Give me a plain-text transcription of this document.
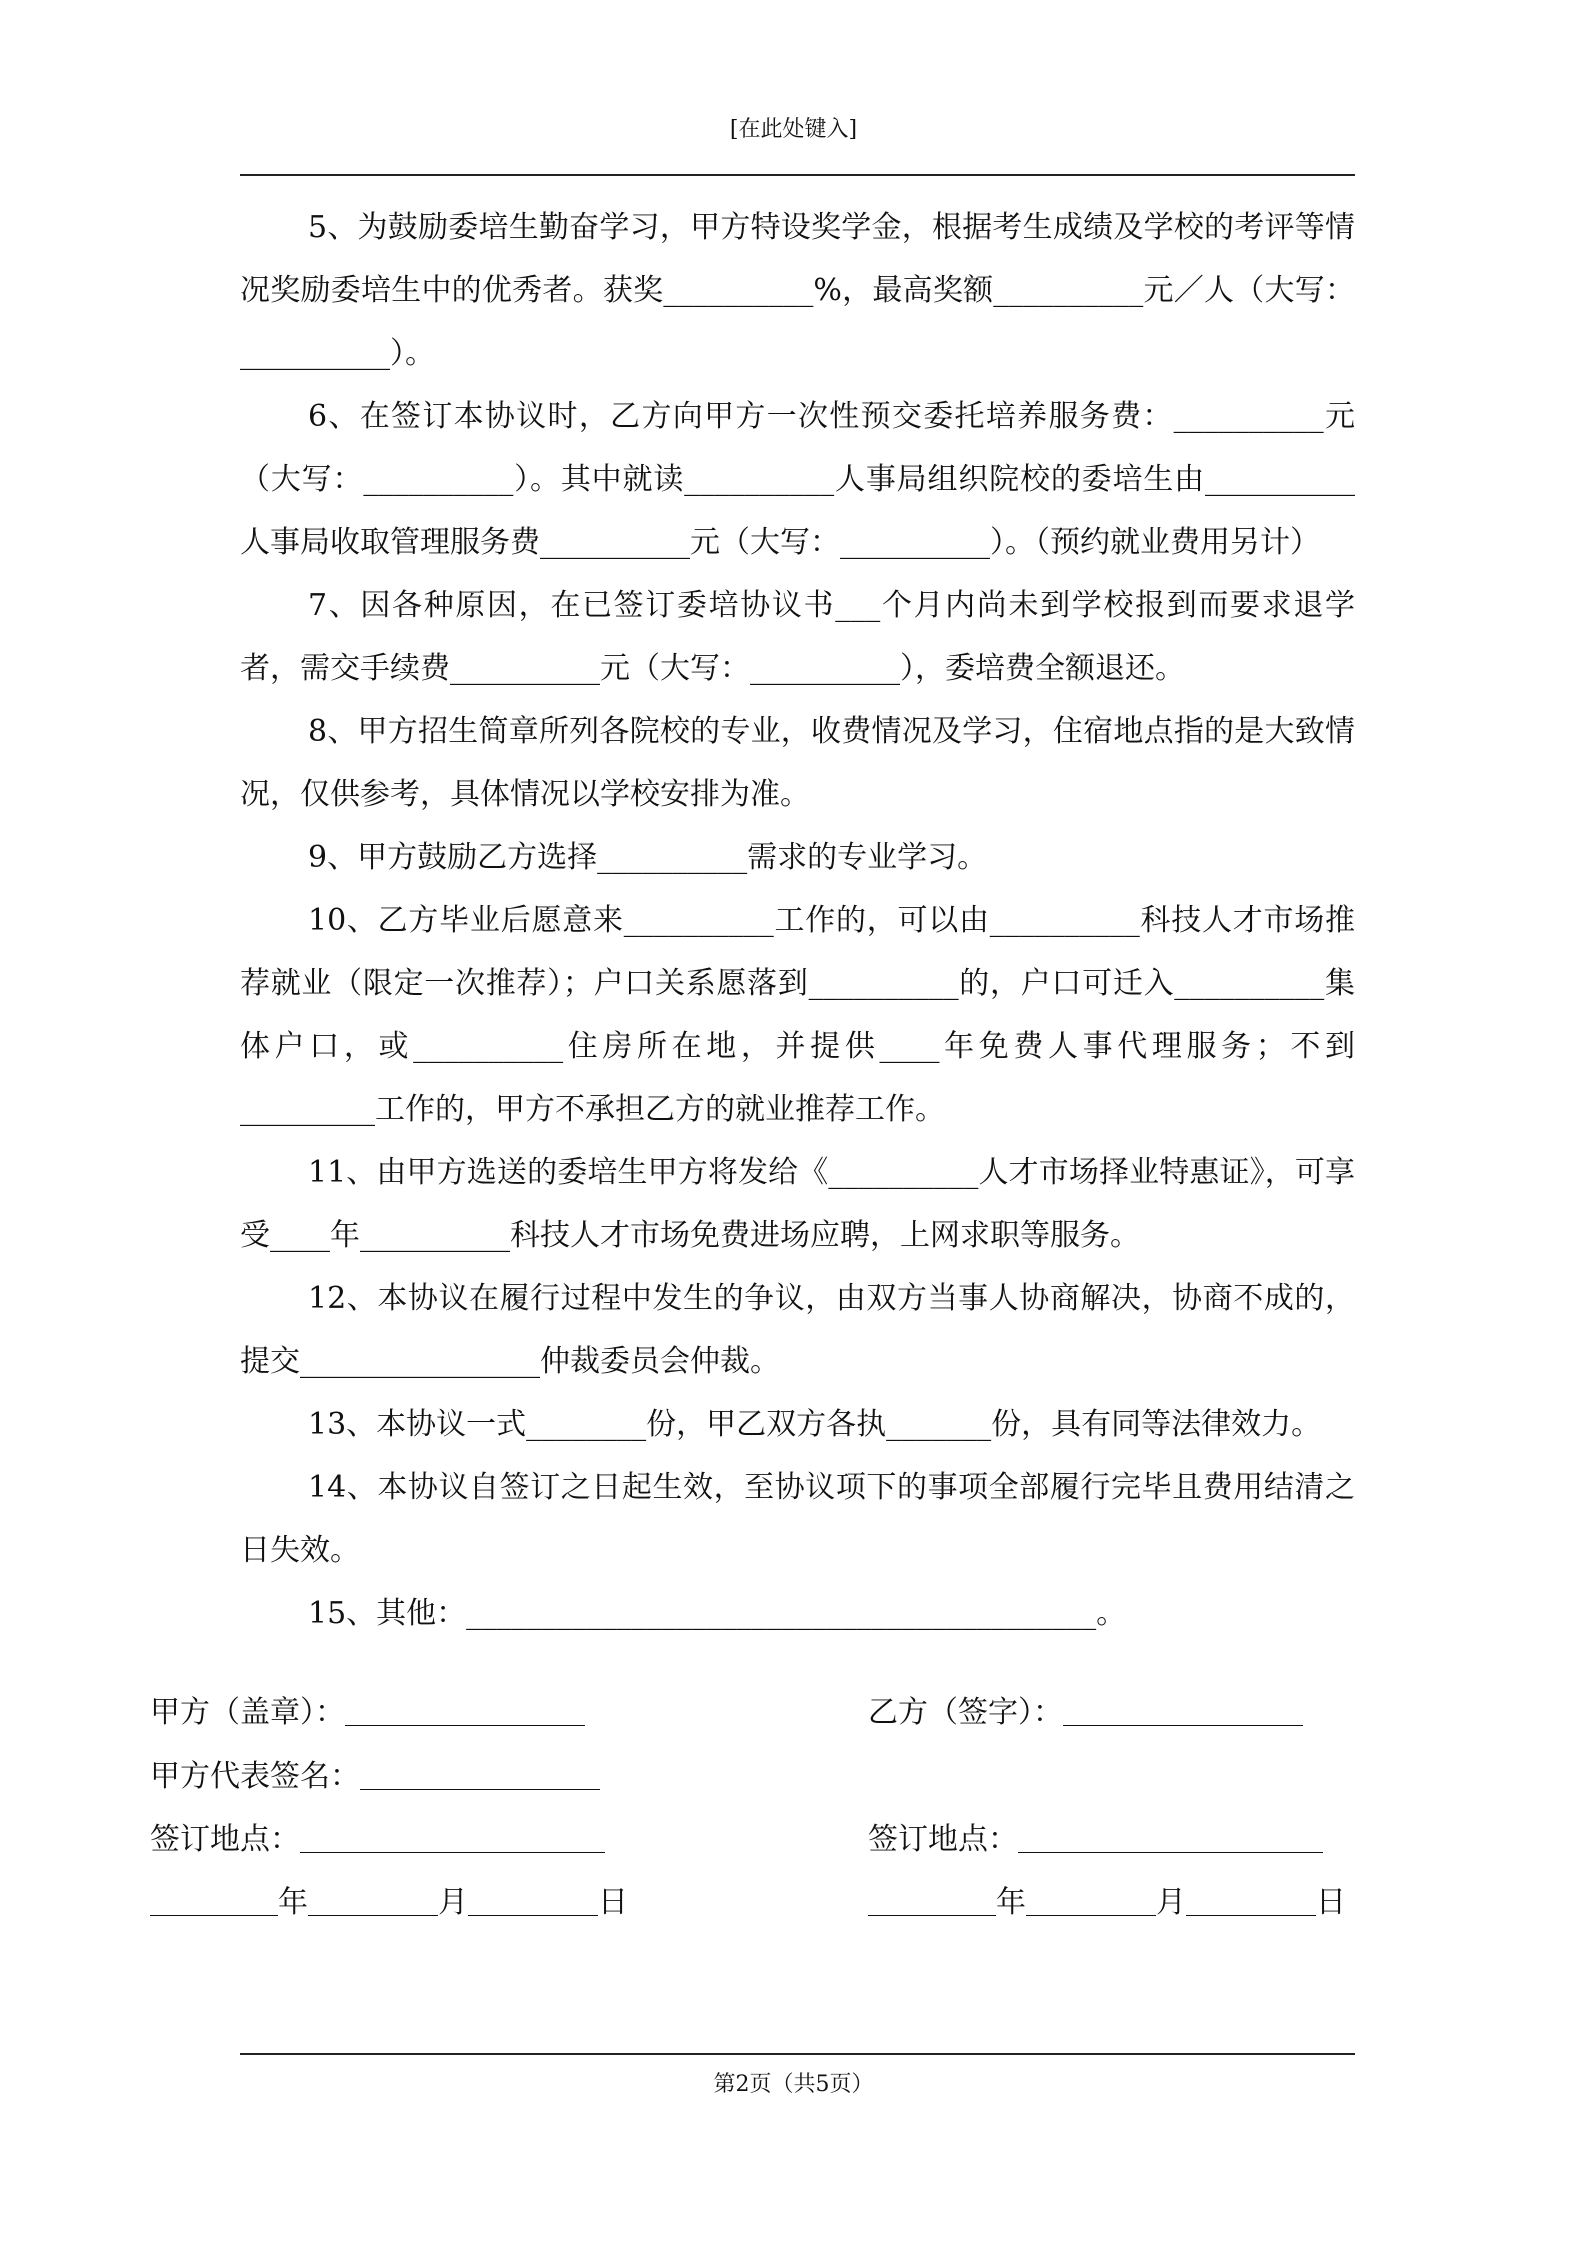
[在此处键入]

5、为鼓励委培生勤奋学习，甲方特设奖学金，根据考生成绩及学校的考评等情况奖励委培生中的优秀者。获奖__________%，最高奖额__________元／人（大写：__________）。

6、在签订本协议时，乙方向甲方一次性预交委托培养服务费：__________元（大写：__________）。其中就读__________人事局组织院校的委培生由__________人事局收取管理服务费__________元（大写：__________）。（预约就业费用另计）

7、因各种原因，在已签订委培协议书___个月内尚未到学校报到而要求退学者，需交手续费__________元（大写：__________），委培费全额退还。

8、甲方招生简章所列各院校的专业，收费情况及学习，住宿地点指的是大致情况，仅供参考，具体情况以学校安排为准。

9、甲方鼓励乙方选择__________需求的专业学习。

10、乙方毕业后愿意来__________工作的，可以由__________科技人才市场推荐就业（限定一次推荐）；户口关系愿落到__________的，户口可迁入__________集体户口，或__________住房所在地，并提供____年免费人事代理服务；不到_________工作的，甲方不承担乙方的就业推荐工作。

11、由甲方选送的委培生甲方将发给《__________人才市场择业特惠证》，可享受____年__________科技人才市场免费进场应聘，上网求职等服务。

12、本协议在履行过程中发生的争议，由双方当事人协商解决，协商不成的，提交________________仲裁委员会仲裁。

13、本协议一式________份，甲乙双方各执_______份，具有同等法律效力。

14、本协议自签订之日起生效，至协议项下的事项全部履行完毕且费用结清之日失效。

15、其他：__________________________________________。

甲方（盖章）：	乙方（签字）：
甲方代表签名：
签订地点：	签订地点：
年	月	日	年	月	日
第2页（共5页）
